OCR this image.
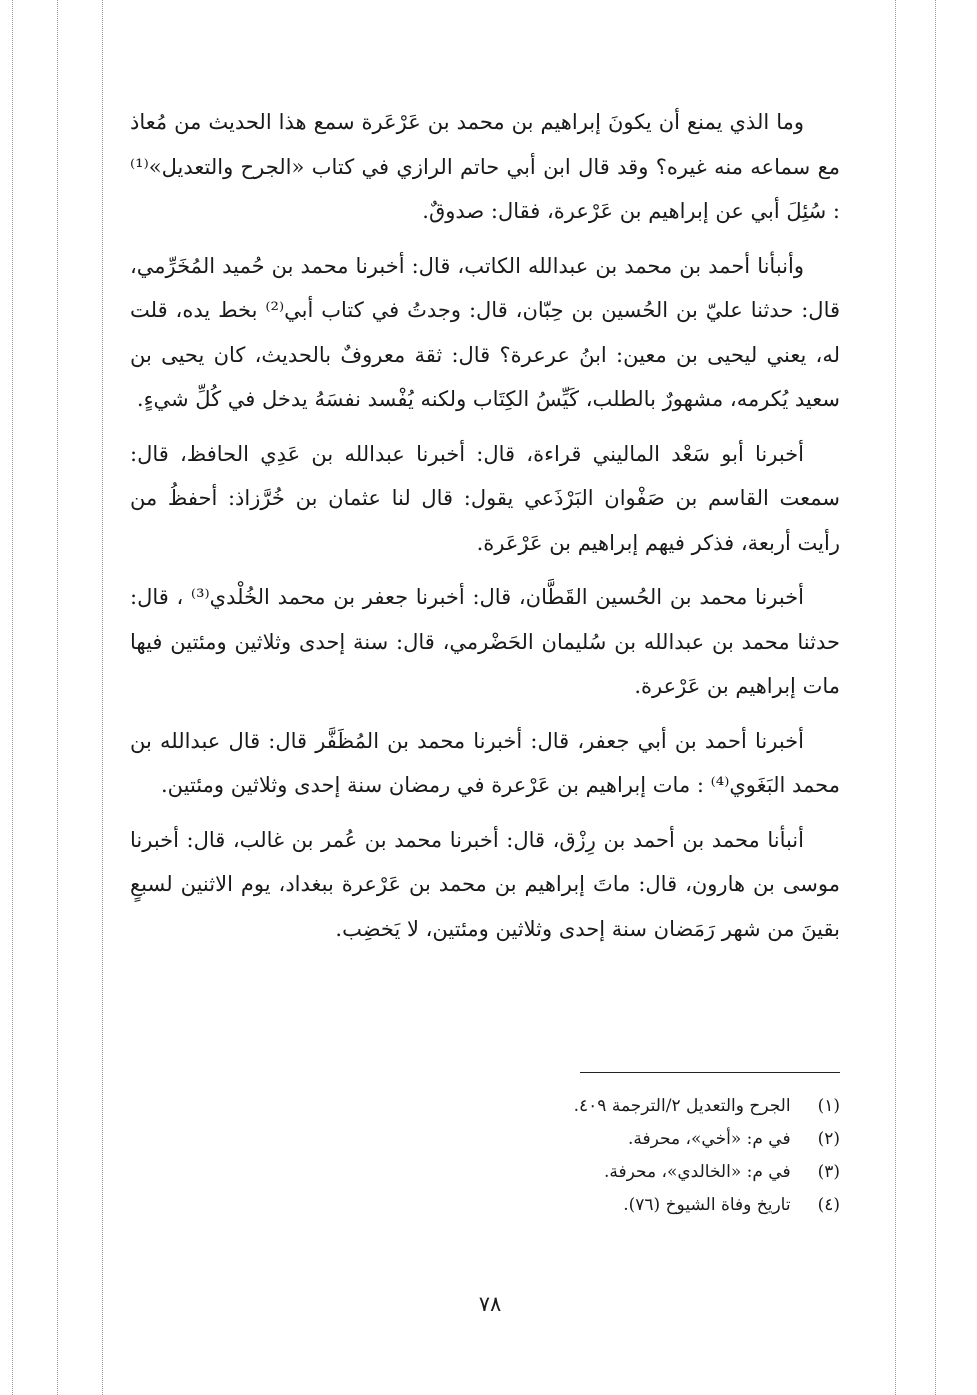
وما الذي يمنع أن يكونَ إبراهيم بن محمد بن عَرْعَرة سمع هذا الحديث من مُعاذ مع سماعه منه غيره؟ وقد قال ابن أبي حاتم الرازي في كتاب «الجرح والتعديل»⁽¹⁾ : سُئِلَ أبي عن إبراهيم بن عَرْعرة، فقال: صدوقٌ.

وأنبأنا أحمد بن محمد بن عبدالله الكاتب، قال: أخبرنا محمد بن حُميد المُخَرِّمي، قال: حدثنا عليّ بن الحُسين بن حِبّان، قال: وجدتُ في كتاب أبي⁽²⁾ بخط يده، قلت له، يعني ليحيى بن معين: ابنُ عرعرة؟ قال: ثقة معروفٌ بالحديث، كان يحيى بن سعيد يُكرمه، مشهورٌ بالطلب، كَيِّسُ الكِتَاب ولكنه يُفْسد نفسَهُ يدخل في كُلِّ شيءٍ.

أخبرنا أبو سَعْد الماليني قراءة، قال: أخبرنا عبدالله بن عَدِي الحافظ، قال: سمعت القاسم بن صَفْوان البَرْذَعي يقول: قال لنا عثمان بن خُرَّزاذ: أحفظُ من رأيت أربعة، فذكر فيهم إبراهيم بن عَرْعَرة.

أخبرنا محمد بن الحُسين القَطَّان، قال: أخبرنا جعفر بن محمد الخُلْدي⁽³⁾ ، قال: حدثنا محمد بن عبدالله بن سُليمان الحَضْرمي، قال: سنة إحدى وثلاثين ومئتين فيها مات إبراهيم بن عَرْعرة.

أخبرنا أحمد بن أبي جعفر، قال: أخبرنا محمد بن المُظَفَّر قال: قال عبدالله بن محمد البَغَوي⁽⁴⁾ : مات إبراهيم بن عَرْعرة في رمضان سنة إحدى وثلاثين ومئتين.

أنبأنا محمد بن أحمد بن رِزْق، قال: أخبرنا محمد بن عُمر بن غالب، قال: أخبرنا موسى بن هارون، قال: ماتَ إبراهيم بن محمد بن عَرْعرة ببغداد، يوم الاثنين لسبعٍ بقينَ من شهر رَمَضان سنة إحدى وثلاثين ومئتين، لا يَخضِب.

(١) الجرح والتعديل ٢/الترجمة ٤٠٩.
(٢) في م: «أخي»، محرفة.
(٣) في م: «الخالدي»، محرفة.
(٤) تاريخ وفاة الشيوخ (٧٦).
٧٨
